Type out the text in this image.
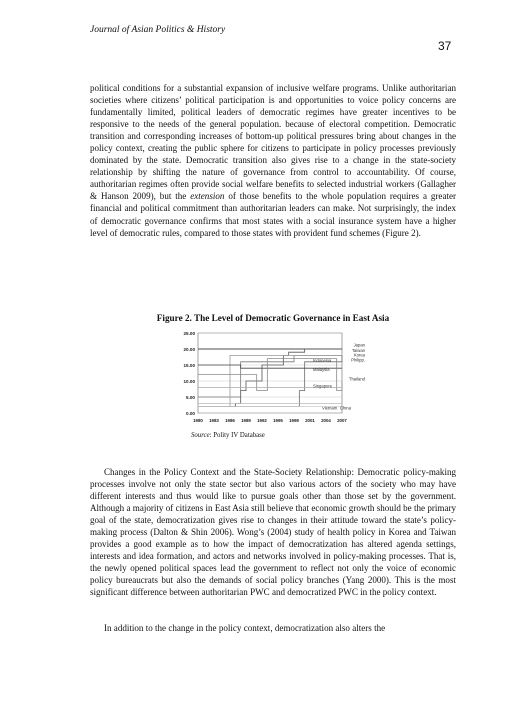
Journal of Asian Politics & History
37

political conditions for a substantial expansion of inclusive welfare programs. Unlike authoritarian societies where citizens’ political participation is and opportunities to voice policy concerns are fundamentally limited, political leaders of democratic regimes have greater incentives to be responsive to the needs of the general population. because of electoral competition. Democratic transition and corresponding increases of bottom-up political pressures bring about changes in the policy context, creating the public sphere for citizens to participate in policy processes previously dominated by the state. Democratic transition also gives rise to a change in the state-society relationship by shifting the nature of governance from control to accountability. Of course, authoritarian regimes often provide social welfare benefits to selected industrial workers (Gallagher & Hanson 2009), but the extension of those benefits to the whole population requires a greater financial and political commitment than authoritarian leaders can make. Not surprisingly, the index of democratic governance confirms that most states with a social insurance system have a higher level of democratic rules, compared to those states with provident fund schemes (Figure 2).

Figure 2. The Level of Democratic Governance in East Asia
0.00
5.00
10.00
15.00
20.00
25.00
1980 1983 1986 1989 1992 1995 1998 2001 2004 2007
Japan
Taiwan
Korea
Philipp.
Indonesia
Malaysia
Thailand
Singapore
Vietnam China
Source: Polity IV Database

Changes in the Policy Context and the State-Society Relationship: Democratic policy-making processes involve not only the state sector but also various actors of the society who may have different interests and thus would like to pursue goals other than those set by the government. Although a majority of citizens in East Asia still believe that economic growth should be the primary goal of the state, democratization gives rise to changes in their attitude toward the state’s policy-making process (Dalton & Shin 2006). Wong’s (2004) study of health policy in Korea and Taiwan provides a good example as to how the impact of democratization has altered agenda settings, interests and idea formation, and actors and networks involved in policy-making processes. That is, the newly opened political spaces lead the government to reflect not only the voice of economic policy bureaucrats but also the demands of social policy branches (Yang 2000). This is the most significant difference between authoritarian PWC and democratized PWC in the policy context.

In addition to the change in the policy context, democratization also alters the
